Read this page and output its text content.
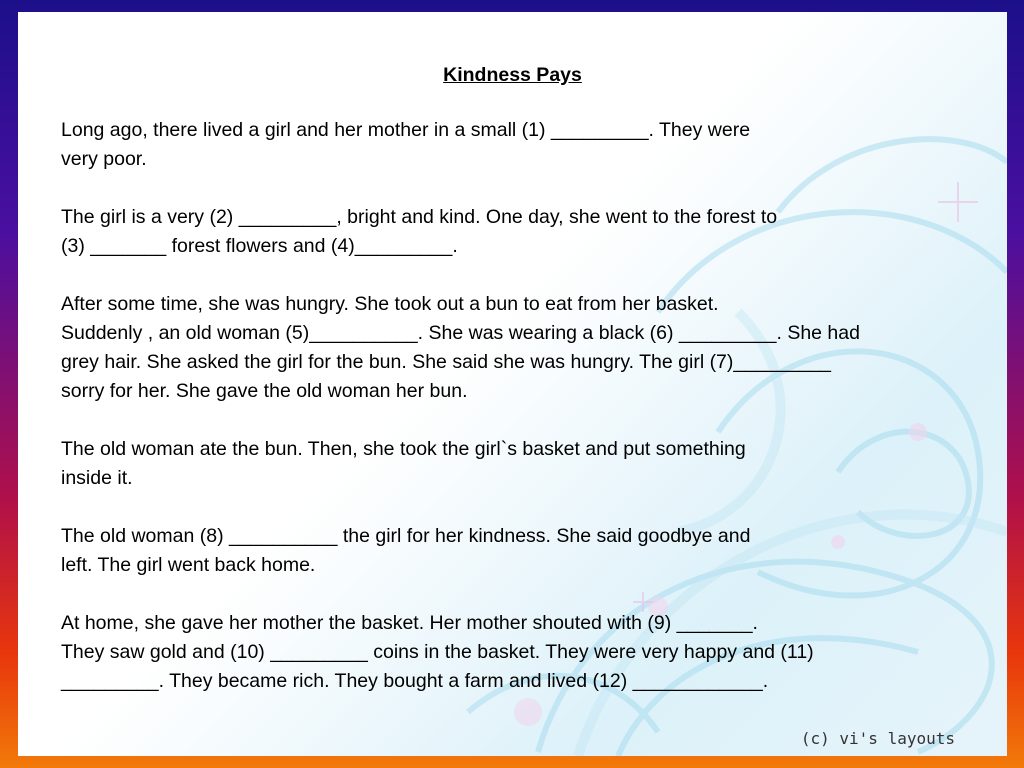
Kindness Pays
Long ago, there lived a girl and her mother in a small (1) _________. They were
very poor.
The girl is a very (2) _________, bright and kind. One day, she went to the forest to
(3) _______ forest flowers and (4)_________.
After some time, she was hungry. She took out a bun to eat from her basket.
Suddenly , an old woman (5)__________. She was wearing a black (6) _________. She had
grey hair. She asked the girl for the bun. She said she was hungry. The girl (7)_________
sorry for her. She gave the old woman her bun.
The old woman ate the bun. Then, she took the girl`s basket and put something
inside it.
The old woman (8) __________ the girl for her kindness. She said goodbye and
left. The girl went back home.
At home, she gave her mother the basket. Her mother shouted with (9) _______.
They saw gold and (10) _________ coins in the basket. They were very happy and (11)
_________. They became rich. They bought a farm and lived (12) ____________.
(c) vi's layouts
